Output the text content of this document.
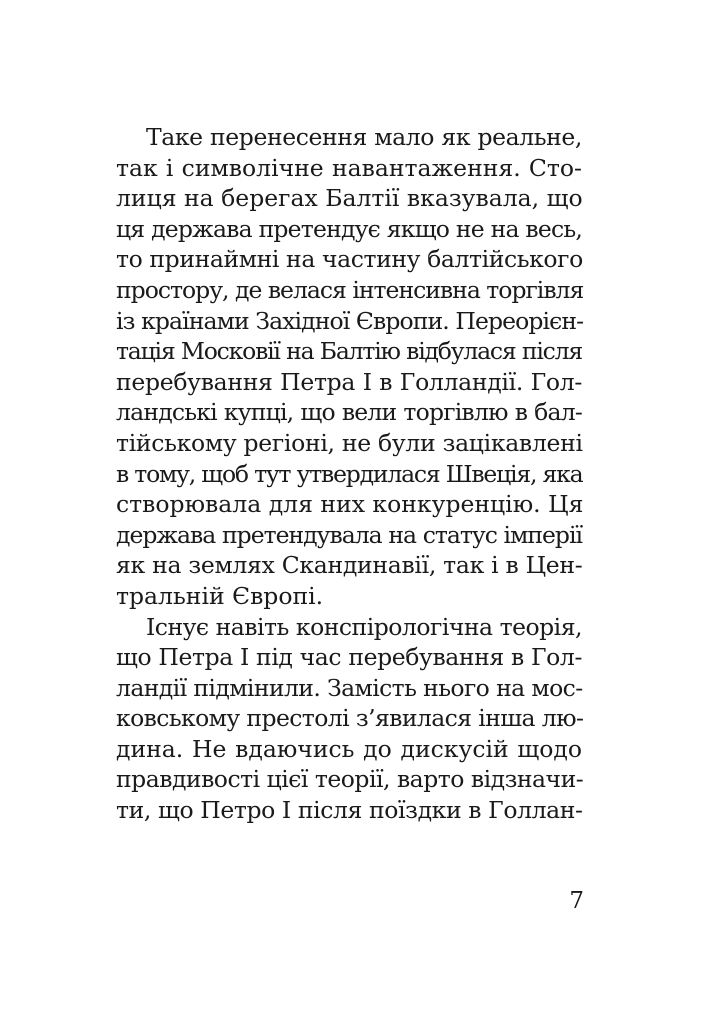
Таке перенесення мало як реальне,
так і символічне навантаження. Сто-
лиця на берегах Балтії вказувала, що
ця держава претендує якщо не на весь,
то принаймні на частину балтійського
простору, де велася інтенсивна торгівля
із країнами Західної Європи. Переорієн-
тація Московії на Балтію відбулася після
перебування Петра І в Голландії. Гол-
ландські купці, що вели торгівлю в бал-
тійському регіоні, не були зацікавлені
в тому, щоб тут утвердилася Швеція, яка
створювала для них конкуренцію. Ця
держава претендувала на статус імперії
як на землях Скандинавії, так і в Цен-
тральній Європі.
Існує навіть конспірологічна теорія,
що Петра І під час перебування в Гол-
ландії підмінили. Замість нього на мос-
ковському престолі з’явилася інша лю-
дина. Не вдаючись до дискусій щодо
правдивості цієї теорії, варто відзначи-
ти, що Петро І після поїздки в Голлан-
7
